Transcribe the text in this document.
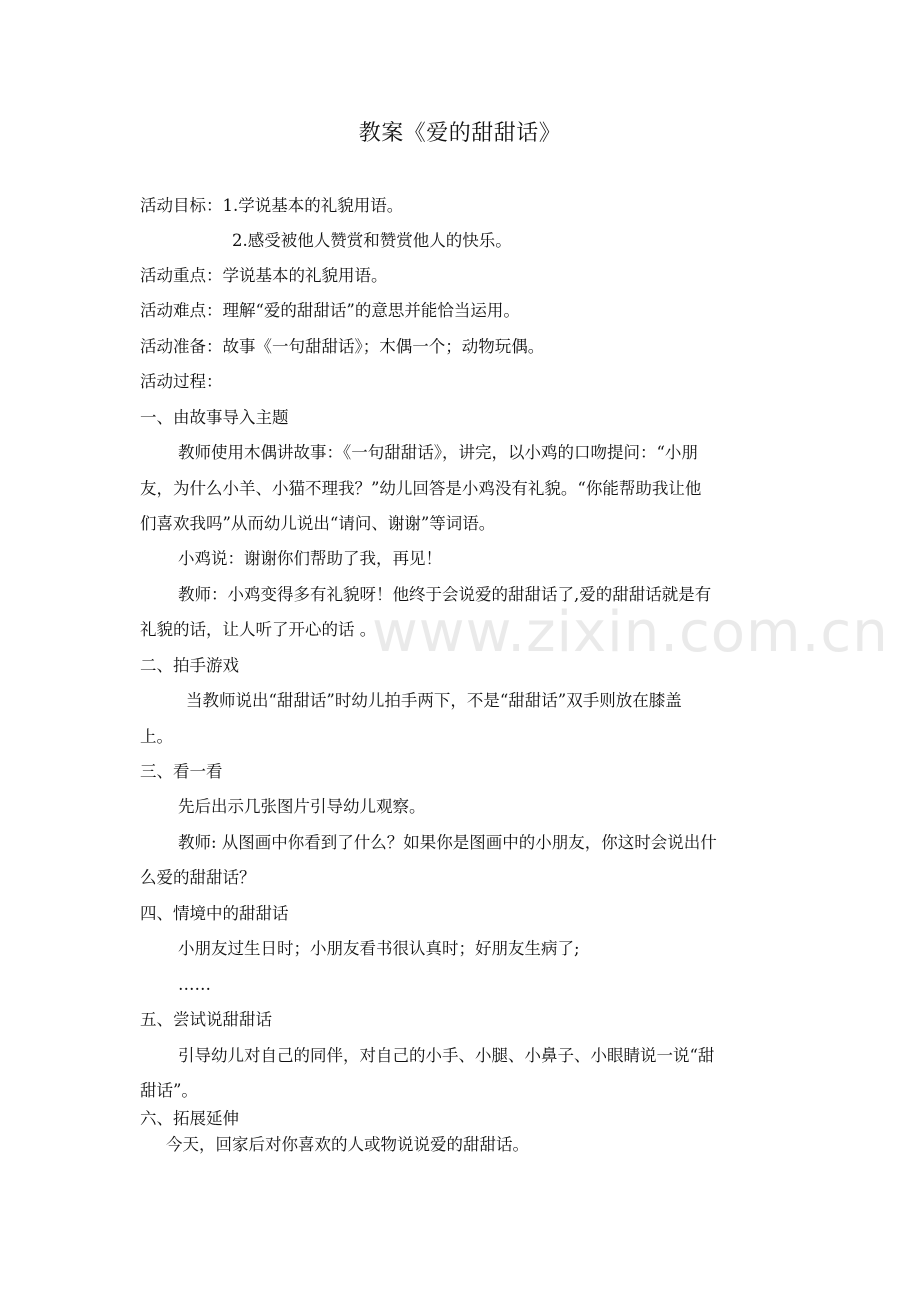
教案《爱的甜甜话》
活动目标：1.学说基本的礼貌用语。
2.感受被他人赞赏和赞赏他人的快乐。
活动重点：学说基本的礼貌用语。
活动难点：理解“爱的甜甜话”的意思并能恰当运用。
活动准备：故事《一句甜甜话》；木偶一个；动物玩偶。
活动过程：
一、由故事导入主题
教师使用木偶讲故事：《一句甜甜话》，讲完，以小鸡的口吻提问：“小朋
友，为什么小羊、小猫不理我？”幼儿回答是小鸡没有礼貌。“你能帮助我让他
们喜欢我吗”从而幼儿说出“请问、谢谢”等词语。
小鸡说：谢谢你们帮助了我，再见！
教师：小鸡变得多有礼貌呀！他终于会说爱的甜甜话了,爱的甜甜话就是有
礼貌的话，让人听了开心的话 。
二、拍手游戏
当教师说出“甜甜话”时幼儿拍手两下，不是“甜甜话”双手则放在膝盖
上。
三、看一看
先后出示几张图片引导幼儿观察。
教师: 从图画中你看到了什么？如果你是图画中的小朋友，你这时会说出什
么爱的甜甜话？
四、情境中的甜甜话
小朋友过生日时；小朋友看书很认真时；好朋友生病了;
……
五、尝试说甜甜话
引导幼儿对自己的同伴，对自己的小手、小腿、小鼻子、小眼睛说一说“甜
甜话”。
六、拓展延伸
今天，回家后对你喜欢的人或物说说爱的甜甜话。
www.zixin.com.cn
